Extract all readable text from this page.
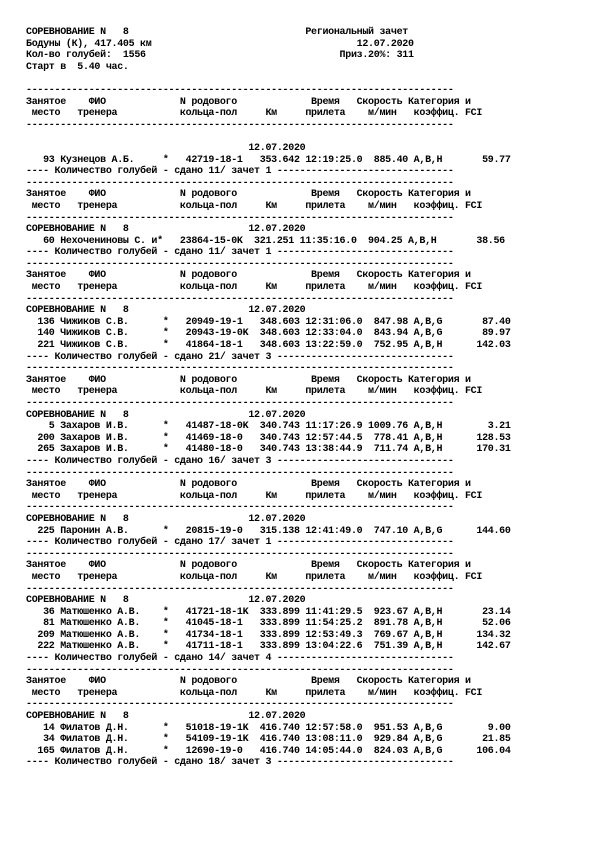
СОРЕВНОВАНИЕ N   8                               Региональный зачет
Бодуны (К), 417.405 км                                    12.07.2020
Кол-во голубей:  1556                                  Приз.20%: 311
Старт в  5.40 час.

---------------------------------------------------------------------------
Занятое    ФИО             N родового             Время   Скорость Категория и
место   тренера           кольца-пол     Км     прилета    м/мин   коэффиц. FCI
---------------------------------------------------------------------------

12.07.2020
93 Кузнецов А.Б.     *   42719-18-1   353.642 12:19:25.0  885.40 A,B,H       59.77
---- Количество голубей - сдано 11/ зачет 1 -------------------------------
---------------------------------------------------------------------------
Занятое    ФИО             N родового             Время   Скорость Категория и
место   тренера           кольца-пол     Км     прилета    м/мин   коэффиц. FCI
---------------------------------------------------------------------------
СОРЕВНОВАНИЕ N   8                     12.07.2020
60 Нехочениновы С. и*   23864-15-0K  321.251 11:35:16.0  904.25 A,B,H       38.56
---- Количество голубей - сдано 11/ зачет 1 -------------------------------
---------------------------------------------------------------------------
Занятое    ФИО             N родового             Время   Скорость Категория и
место   тренера           кольца-пол     Км     прилета    м/мин   коэффиц. FCI
---------------------------------------------------------------------------
СОРЕВНОВАНИЕ N   8                     12.07.2020
136 Чижиков С.В.      *   20949-19-1   348.603 12:31:06.0  847.98 A,B,G       87.40
140 Чижиков С.В.      *   20943-19-0K  348.603 12:33:04.0  843.94 A,B,G       89.97
221 Чижиков С.В.      *   41864-18-1   348.603 13:22:59.0  752.95 A,B,H      142.03
---- Количество голубей - сдано 21/ зачет 3 -------------------------------
---------------------------------------------------------------------------
Занятое    ФИО             N родового             Время   Скорость Категория и
место   тренера           кольца-пол     Км     прилета    м/мин   коэффиц. FCI
---------------------------------------------------------------------------
СОРЕВНОВАНИЕ N   8                     12.07.2020
5 Захаров И.В.      *   41487-18-0K  340.743 11:17:26.9 1009.76 A,B,H        3.21
200 Захаров И.В.      *   41469-18-0   340.743 12:57:44.5  778.41 A,B,H      128.53
265 Захаров И.В.      *   41480-18-0   340.743 13:38:44.9  711.74 A,B,H      170.31
---- Количество голубей - сдано 16/ зачет 3 -------------------------------
---------------------------------------------------------------------------
Занятое    ФИО             N родового             Время   Скорость Категория и
место   тренера           кольца-пол     Км     прилета    м/мин   коэффиц. FCI
---------------------------------------------------------------------------
СОРЕВНОВАНИЕ N   8                     12.07.2020
225 Паронин А.В.      *   20815-19-0   315.138 12:41:49.0  747.10 A,B,G      144.60
---- Количество голубей - сдано 17/ зачет 1 -------------------------------
---------------------------------------------------------------------------
Занятое    ФИО             N родового             Время   Скорость Категория и
место   тренера           кольца-пол     Км     прилета    м/мин   коэффиц. FCI
---------------------------------------------------------------------------
СОРЕВНОВАНИЕ N   8                     12.07.2020
36 Матюшенко А.В.    *   41721-18-1K  333.899 11:41:29.5  923.67 A,B,H       23.14
81 Матюшенко А.В.    *   41045-18-1   333.899 11:54:25.2  891.78 A,B,H       52.06
209 Матюшенко А.В.    *   41734-18-1   333.899 12:53:49.3  769.67 A,B,H      134.32
222 Матюшенко А.В.    *   41711-18-1   333.899 13:04:22.6  751.39 A,B,H      142.67
---- Количество голубей - сдано 14/ зачет 4 -------------------------------
---------------------------------------------------------------------------
Занятое    ФИО             N родового             Время   Скорость Категория и
место   тренера           кольца-пол     Км     прилета    м/мин   коэффиц. FCI
---------------------------------------------------------------------------
СОРЕВНОВАНИЕ N   8                     12.07.2020
14 Филатов Д.Н.      *   51018-19-1K  416.740 12:57:58.0  951.53 A,B,G        9.00
34 Филатов Д.Н.      *   54109-19-1K  416.740 13:08:11.0  929.84 A,B,G       21.85
165 Филатов Д.Н.      *   12690-19-0   416.740 14:05:44.0  824.03 A,B,G      106.04
---- Количество голубей - сдано 18/ зачет 3 -------------------------------
